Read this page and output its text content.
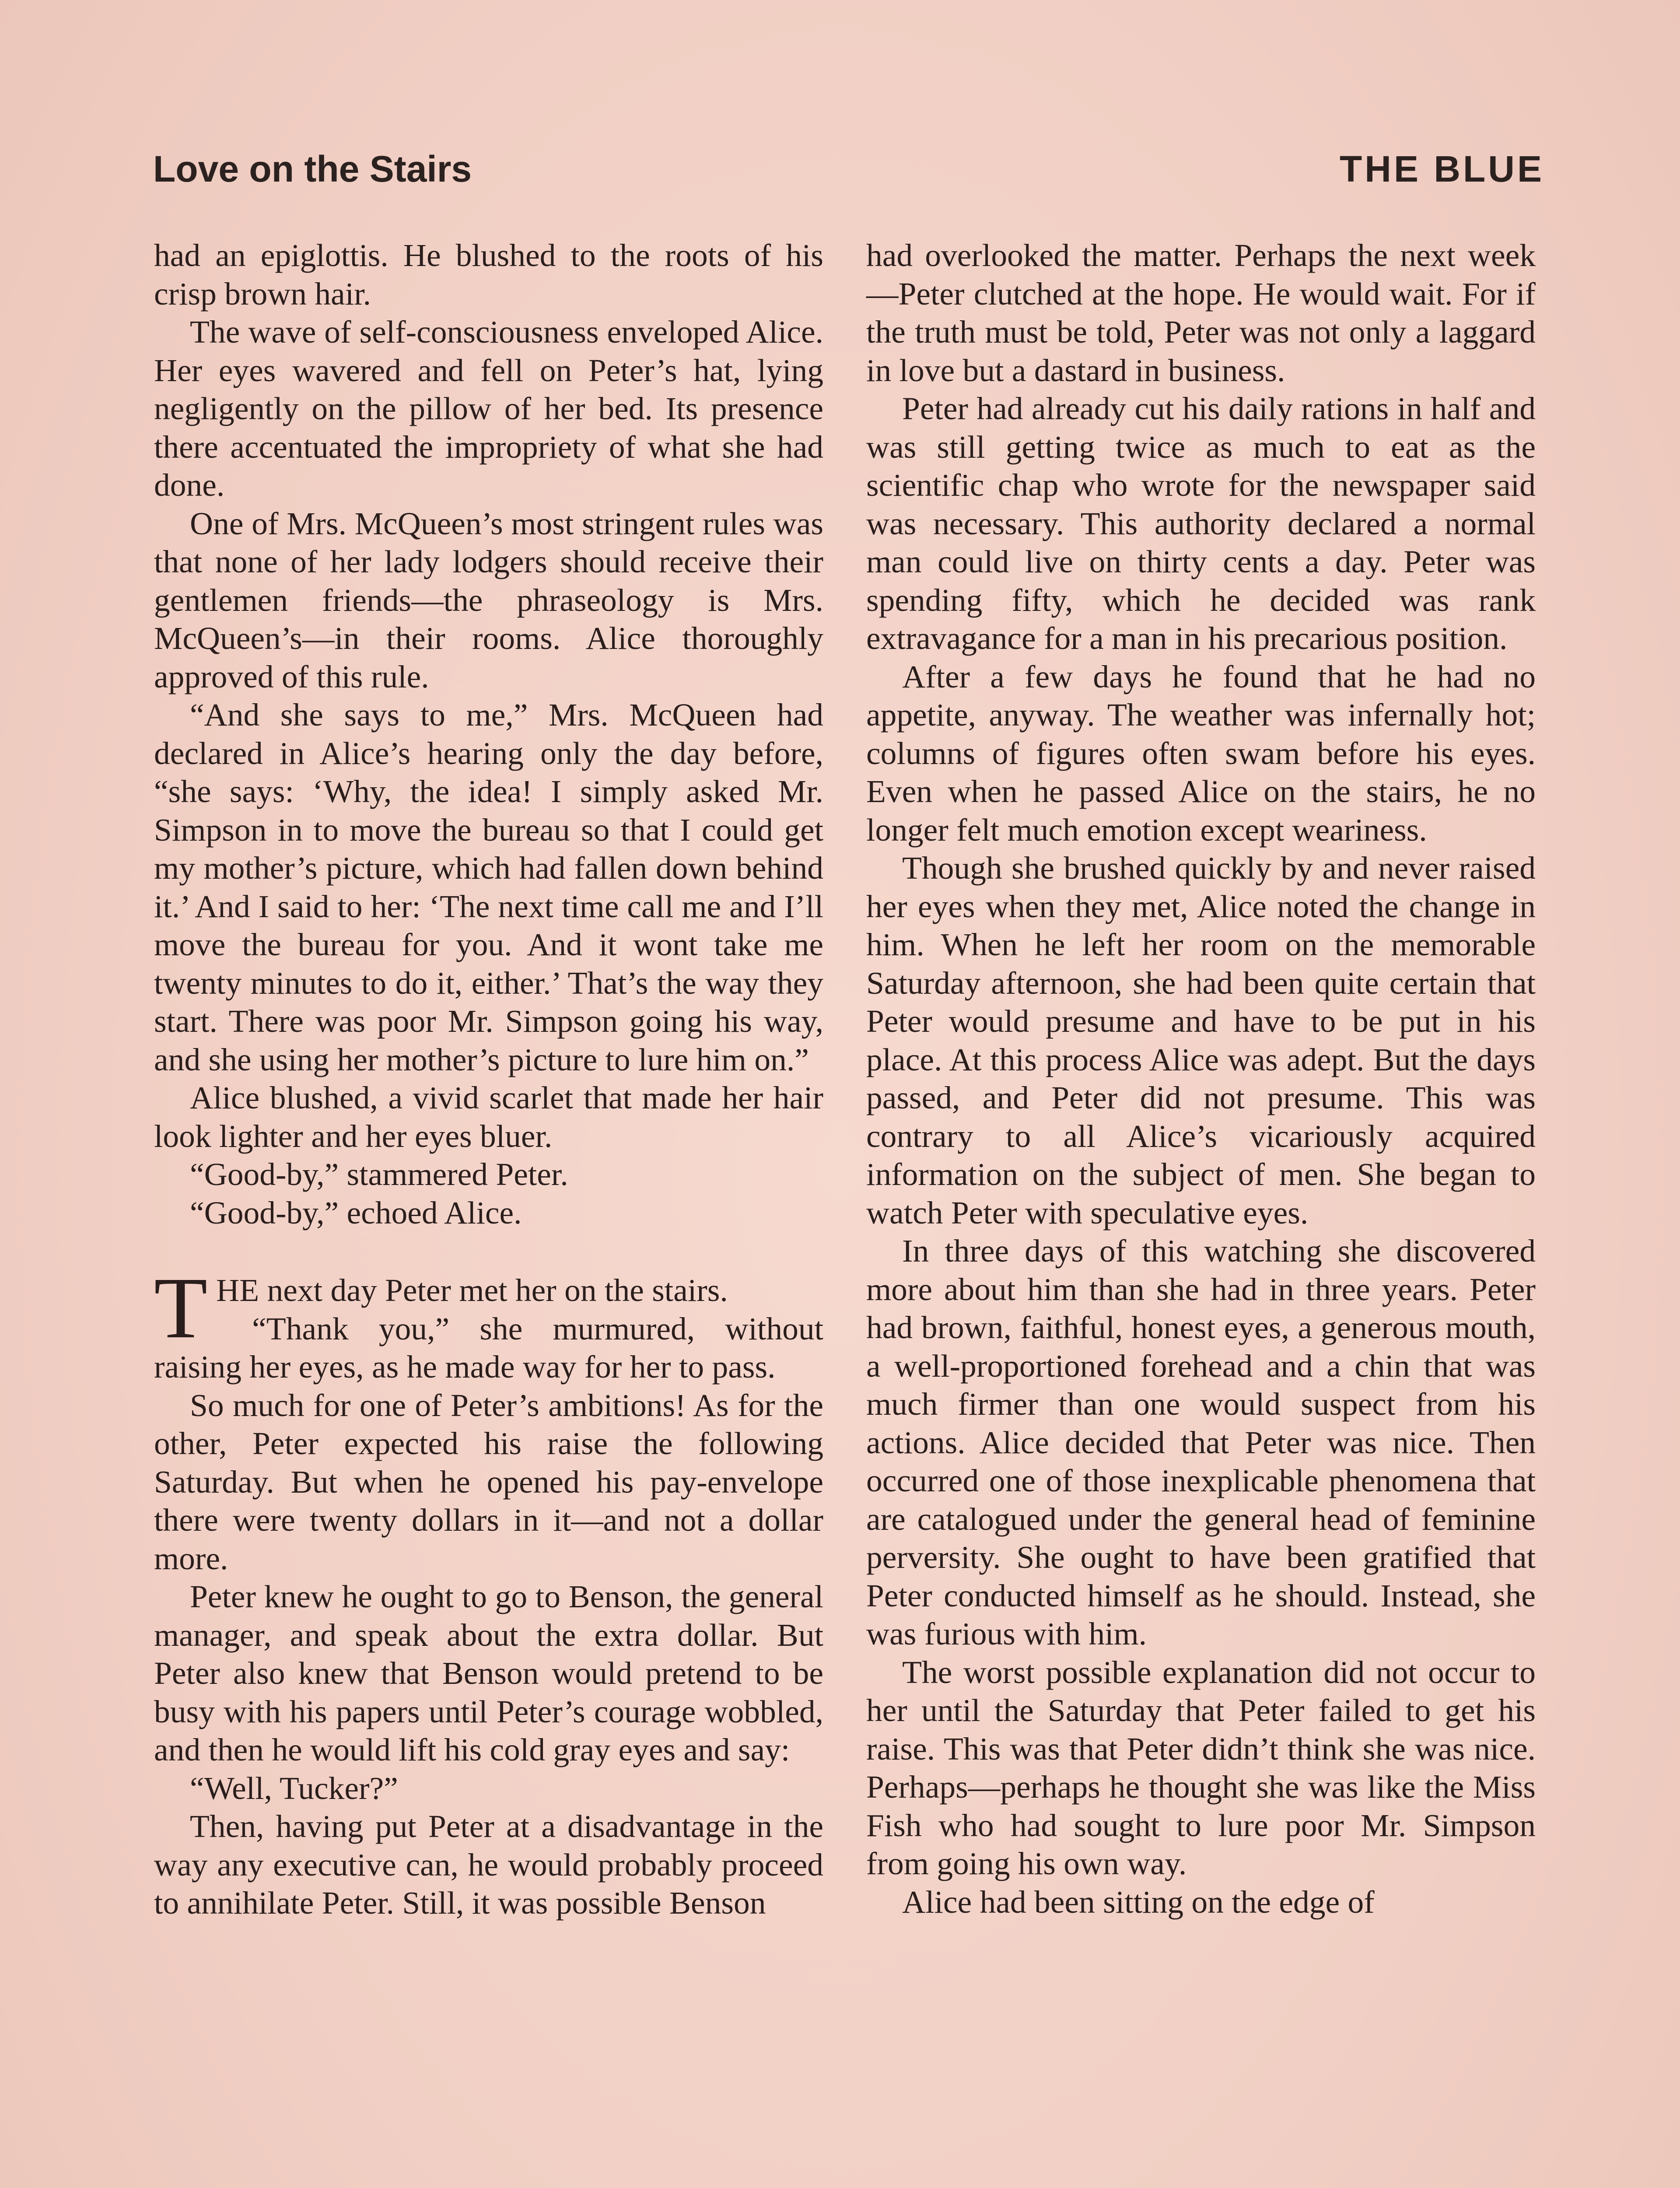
Love on the Stairs	THE BLUE

had an epiglottis. He blushed to the roots of his crisp brown hair.

The wave of self-consciousness enveloped Alice. Her eyes wavered and fell on Peter’s hat, lying negligently on the pillow of her bed. Its presence there accentuated the impropriety of what she had done.

One of Mrs. McQueen’s most stringent rules was that none of her lady lodgers should receive their gentlemen friends—the phraseology is Mrs. McQueen’s—in their rooms. Alice thoroughly approved of this rule.

“And she says to me,” Mrs. McQueen had declared in Alice’s hearing only the day before, “she says: ‘Why, the idea! I simply asked Mr. Simpson in to move the bureau so that I could get my mother’s picture, which had fallen down behind it.’ And I said to her: ‘The next time call me and I’ll move the bureau for you. And it wont take me twenty minutes to do it, either.’ That’s the way they start. There was poor Mr. Simpson going his way, and she using her mother’s picture to lure him on.”

Alice blushed, a vivid scarlet that made her hair look lighter and her eyes bluer.

“Good-by,” stammered Peter.

“Good-by,” echoed Alice.

THE next day Peter met her on the stairs.

“Thank you,” she murmured, without raising her eyes, as he made way for her to pass.

So much for one of Peter’s ambitions! As for the other, Peter expected his raise the following Saturday. But when he opened his pay-envelope there were twenty dollars in it—and not a dollar more.

Peter knew he ought to go to Benson, the general manager, and speak about the extra dollar. But Peter also knew that Benson would pretend to be busy with his papers until Peter’s courage wobbled, and then he would lift his cold gray eyes and say:

“Well, Tucker?”

Then, having put Peter at a disadvantage in the way any executive can, he would probably proceed to annihilate Peter. Still, it was possible Benson

had overlooked the matter. Perhaps the next week—Peter clutched at the hope. He would wait. For if the truth must be told, Peter was not only a laggard in love but a dastard in business.

Peter had already cut his daily rations in half and was still getting twice as much to eat as the scientific chap who wrote for the newspaper said was necessary. This authority declared a normal man could live on thirty cents a day. Peter was spending fifty, which he decided was rank extravagance for a man in his precarious position.

After a few days he found that he had no appetite, anyway. The weather was infernally hot; columns of figures often swam before his eyes. Even when he passed Alice on the stairs, he no longer felt much emotion except weariness.

Though she brushed quickly by and never raised her eyes when they met, Alice noted the change in him. When he left her room on the memorable Saturday afternoon, she had been quite certain that Peter would presume and have to be put in his place. At this process Alice was adept. But the days passed, and Peter did not presume. This was contrary to all Alice’s vicariously acquired information on the subject of men. She began to watch Peter with speculative eyes.

In three days of this watching she discovered more about him than she had in three years. Peter had brown, faithful, honest eyes, a generous mouth, a well-proportioned forehead and a chin that was much firmer than one would suspect from his actions. Alice decided that Peter was nice. Then occurred one of those inexplicable phenomena that are catalogued under the general head of feminine perversity. She ought to have been gratified that Peter conducted himself as he should. Instead, she was furious with him.

The worst possible explanation did not occur to her until the Saturday that Peter failed to get his raise. This was that Peter didn’t think she was nice. Perhaps—perhaps he thought she was like the Miss Fish who had sought to lure poor Mr. Simpson from going his own way.

Alice had been sitting on the edge of
